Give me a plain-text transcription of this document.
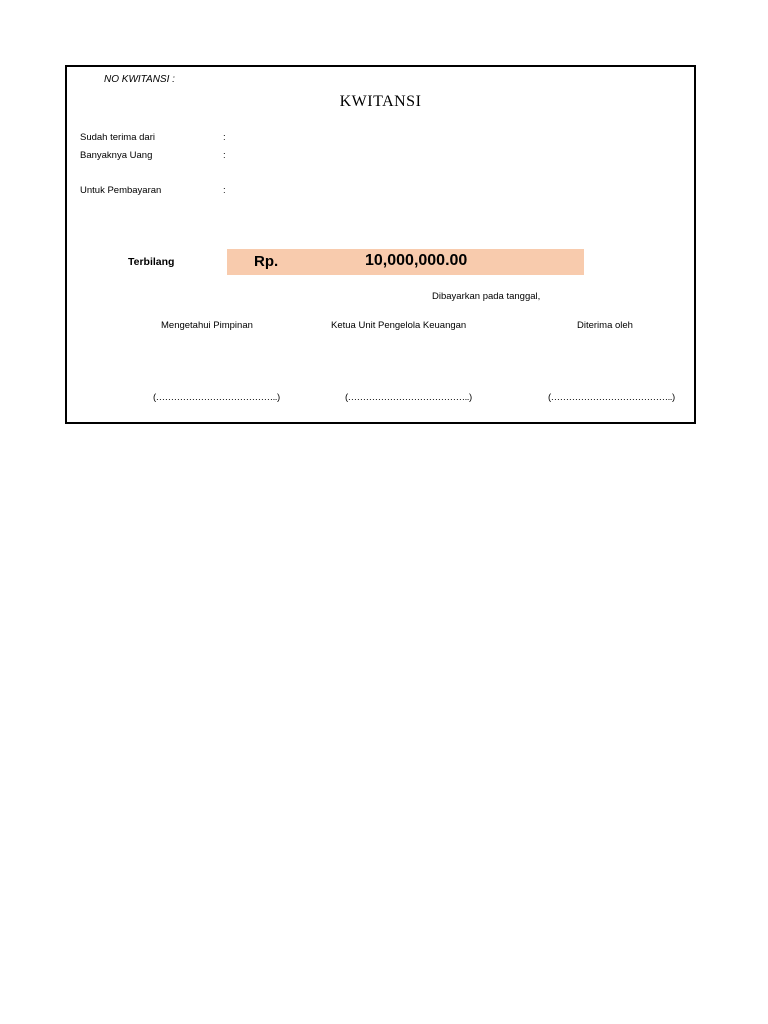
NO KWITANSI :
KWITANSI
Sudah terima dari	:
Banyaknya Uang	:
Untuk Pembayaran	:
Terbilang	Rp.	10,000,000.00
Dibayarkan pada tanggal,
Mengetahui Pimpinan	Ketua Unit Pengelola Keuangan	Diterima oleh
(…………………………………..)	(…………………………………..)	(…………………………………..)
